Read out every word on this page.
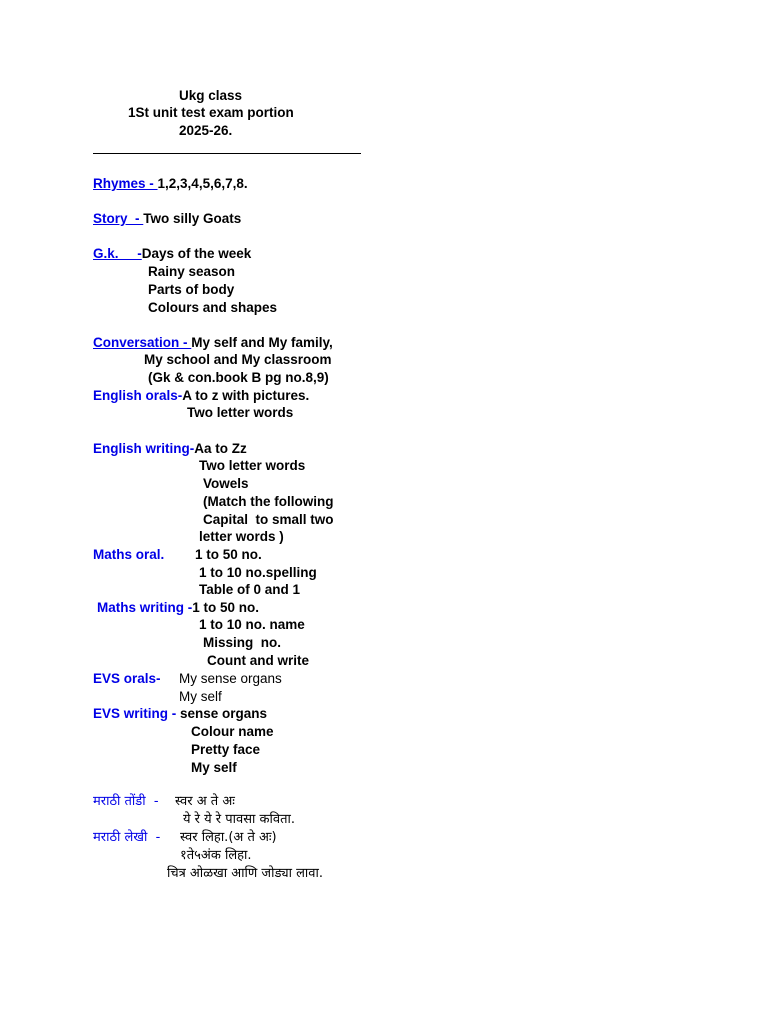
Ukg class
1St unit test exam portion
2025-26.
Rhymes - 1,2,3,4,5,6,7,8.
Story  - Two silly Goats
G.k.     -Days of the week
Rainy season
Parts of body
Colours and shapes
Conversation - My self and My family,
My school and My classroom
(Gk & con.book B pg no.8,9)
English orals-A to z with pictures.
Two letter words
English writing-Aa to Zz
Two letter words
Vowels
(Match the following
Capital  to small two
letter words )
Maths oral. 1 to 50 no.
1 to 10 no.spelling
Table of 0 and 1
Maths writing -1 to 50 no.
1 to 10 no. name
Missing  no.
Count and write
EVS orals- My sense organs
My self
EVS writing - sense organs
Colour name
Pretty face
My self
मराठी तोंडी  - स्वर अ ते अः
ये रे ये रे पावसा कविता.
मराठी लेखी  - स्वर लिहा.(अ ते अः)
१ते५अंक लिहा.
चित्र ओळखा आणि जोड्या लावा.
